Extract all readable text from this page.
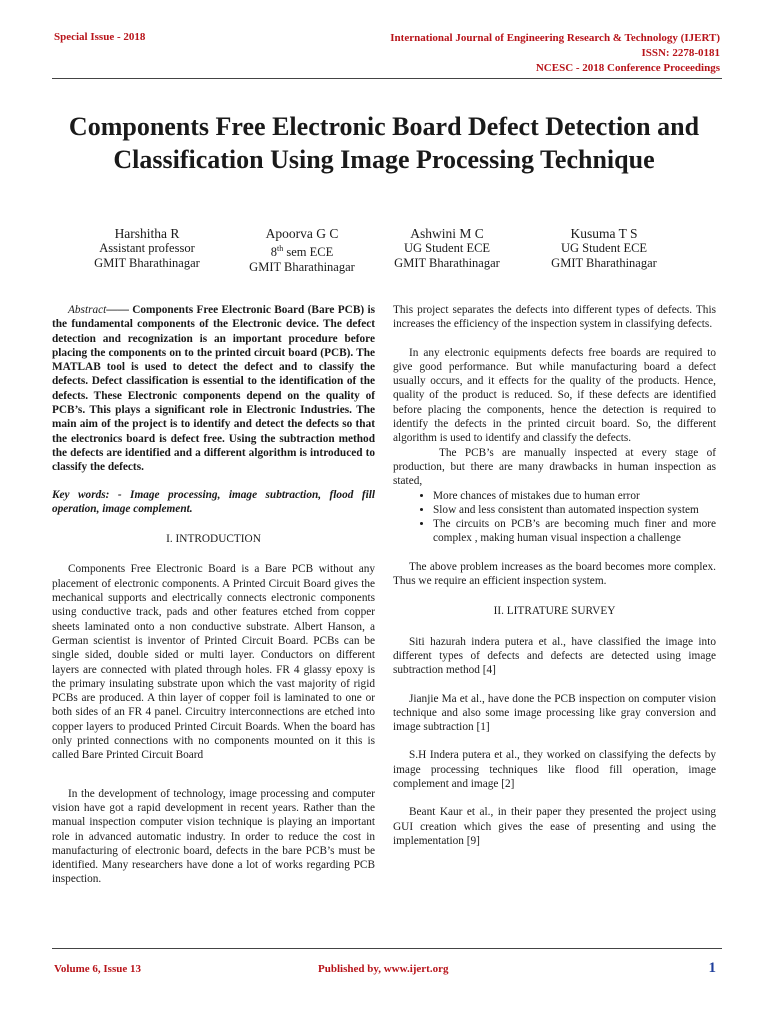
Special Issue - 2018	International Journal of Engineering Research & Technology (IJERT)
ISSN: 2278-0181
NCESC - 2018 Conference Proceedings
Components Free Electronic Board Defect Detection and Classification Using Image Processing Technique
Harshitha R
Assistant professor
GMIT Bharathinagar
Apoorva G C
8th sem ECE
GMIT Bharathinagar
Ashwini M C
UG Student ECE
GMIT Bharathinagar
Kusuma T S
UG Student ECE
GMIT Bharathinagar

Abstract—— Components Free Electronic Board (Bare PCB) is the fundamental components of the Electronic device. The defect detection and recognization is an important procedure before placing the components on to the printed circuit board (PCB). The MATLAB tool is used to detect the defect and to classify the defects. Defect classification is essential to the identification of the defects. These Electronic components depend on the quality of PCB’s. This plays a significant role in Electronic Industries. The main aim of the project is to identify and detect the defects so that the electronics board is defect free. Using the subtraction method the defects are identified and a different algorithm is introduced to classify the defects.

Key words: - Image processing, image subtraction, flood fill operation, image complement.

I. INTRODUCTION

Components Free Electronic Board is a Bare PCB without any placement of electronic components. A Printed Circuit Board gives the mechanical supports and electrically connects electronic components using conductive track, pads and other features etched from copper sheets laminated onto a non conductive substrate. Albert Hanson, a German scientist is inventor of Printed Circuit Board. PCBs can be single sided, double sided or multi layer. Conductors on different layers are connected with plated through holes. FR 4 glassy epoxy is the primary insulating substrate upon which the vast majority of rigid PCBs are produced. A thin layer of copper foil is laminated to one or both sides of an FR 4 panel. Circuitry interconnections are etched into copper layers to produced Printed Circuit Boards. When the board has only printed connections with no components mounted on it this is called Bare Printed Circuit Board

In the development of technology, image processing and computer vision have got a rapid development in recent years. Rather than the manual inspection computer vision technique is playing an important role in advanced automatic industry. In order to reduce the cost in manufacturing of electronic board, defects in the bare PCB’s must be identified. Many researchers have done a lot of works regarding PCB inspection.

This project separates the defects into different types of defects. This increases the efficiency of the inspection system in classifying defects.

In any electronic equipments defects free boards are required to give good performance. But while manufacturing board a defect usually occurs, and it effects for the quality of the products. Hence, quality of the product is reduced. So, if these defects are identified before placing the components, hence the detection is required to identify the defects in the printed circuit board. So, the different algorithm is used to identify and classify the defects.

The PCB’s are manually inspected at every stage of production, but there are many drawbacks in human inspection as stated,

• More chances of mistakes due to human error
• Slow and less consistent than automated inspection system
• The circuits on PCB’s are becoming much finer and more complex , making human visual inspection a challenge

The above problem increases as the board becomes more complex. Thus we require an efficient inspection system.

II. LITRATURE SURVEY

Siti hazurah indera putera et al., have classified the image into different types of defects and defects are detected using image subtraction method [4]

Jianjie Ma et al., have done the PCB inspection on computer vision technique and also some image processing like gray conversion and image subtraction [1]

S.H Indera putera et al., they worked on classifying the defects by image processing techniques like flood fill operation, image complement and image [2]

Beant Kaur et al., in their paper they presented the project using GUI creation which gives the ease of presenting and using the implementation [9]

Volume 6, Issue 13	Published by, www.ijert.org	1
